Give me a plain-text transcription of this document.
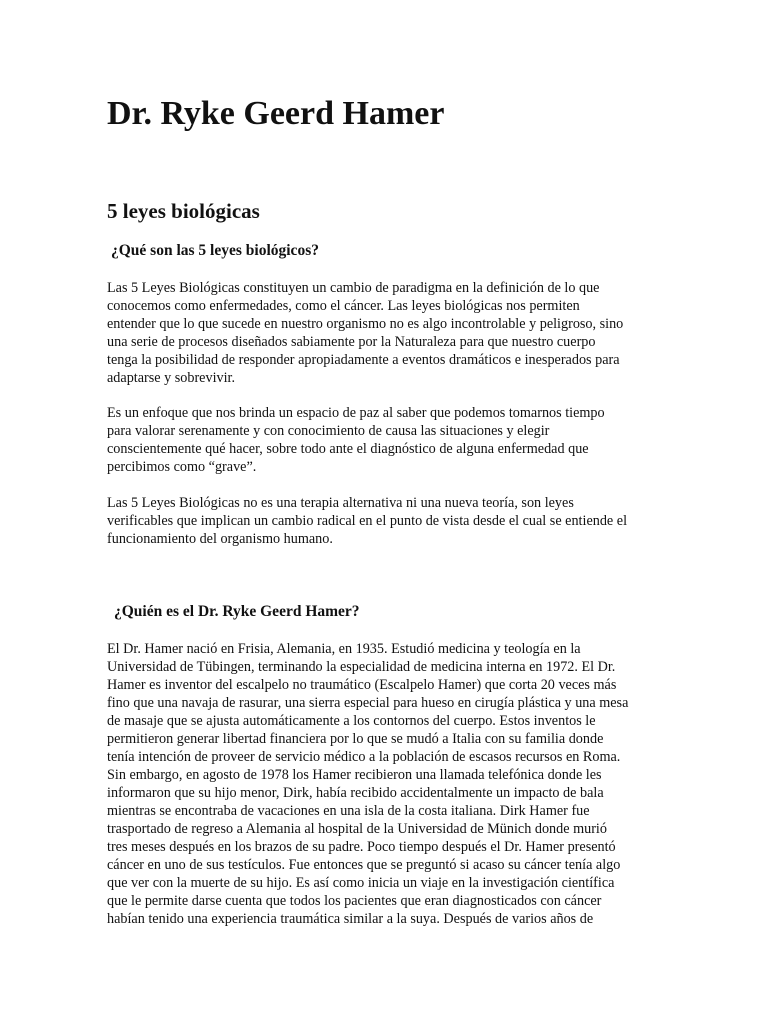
Dr. Ryke Geerd Hamer
5 leyes biológicas
¿Qué son las 5 leyes biológicos?

Las 5 Leyes Biológicas constituyen un cambio de paradigma en la definición de lo que
conocemos como enfermedades, como el cáncer. Las leyes biológicas nos permiten
entender que lo que sucede en nuestro organismo no es algo incontrolable y peligroso, sino
una serie de procesos diseñados sabiamente por la Naturaleza para que nuestro cuerpo
tenga la posibilidad de responder apropiadamente a eventos dramáticos e inesperados para
adaptarse y sobrevivir.

Es un enfoque que nos brinda un espacio de paz al saber que podemos tomarnos tiempo
para valorar serenamente y con conocimiento de causa las situaciones y elegir
conscientemente qué hacer, sobre todo ante el diagnóstico de alguna enfermedad que
percibimos como “grave”.

Las 5 Leyes Biológicas no es una terapia alternativa ni una nueva teoría, son leyes
verificables que implican un cambio radical en el punto de vista desde el cual se entiende el
funcionamiento del organismo humano.

¿Quién es el Dr. Ryke Geerd Hamer?

El Dr. Hamer nació en Frisia, Alemania, en 1935. Estudió medicina y teología en la
Universidad de Tübingen, terminando la especialidad de medicina interna en 1972. El Dr.
Hamer es inventor del escalpelo no traumático (Escalpelo Hamer) que corta 20 veces más
fino que una navaja de rasurar, una sierra especial para hueso en cirugía plástica y una mesa
de masaje que se ajusta automáticamente a los contornos del cuerpo. Estos inventos le
permitieron generar libertad financiera por lo que se mudó a Italia con su familia donde
tenía intención de proveer de servicio médico a la población de escasos recursos en Roma.
Sin embargo, en agosto de 1978 los Hamer recibieron una llamada telefónica donde les
informaron que su hijo menor, Dirk, había recibido accidentalmente un impacto de bala
mientras se encontraba de vacaciones en una isla de la costa italiana. Dirk Hamer fue
trasportado de regreso a Alemania al hospital de la Universidad de Münich donde murió
tres meses después en los brazos de su padre. Poco tiempo después el Dr. Hamer presentó
cáncer en uno de sus testículos. Fue entonces que se preguntó si acaso su cáncer tenía algo
que ver con la muerte de su hijo. Es así como inicia un viaje en la investigación científica
que le permite darse cuenta que todos los pacientes que eran diagnosticados con cáncer
habían tenido una experiencia traumática similar a la suya. Después de varios años de
